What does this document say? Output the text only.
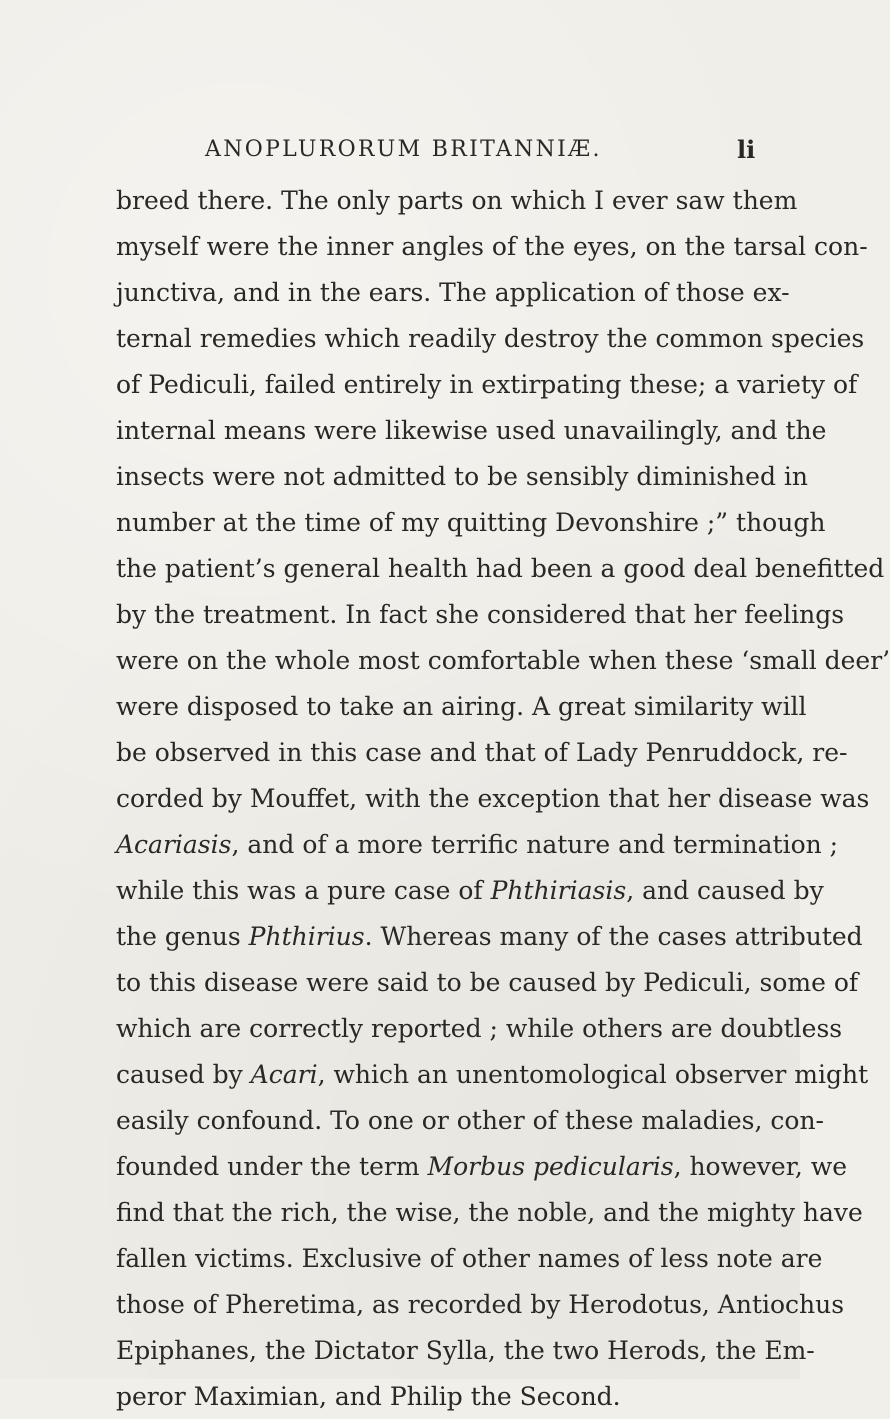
ANOPLURORUM BRITANNIÆ.	li
breed there. The only parts on which I ever saw them
myself were the inner angles of the eyes, on the tarsal con-
junctiva, and in the ears. The application of those ex-
ternal remedies which readily destroy the common species
of Pediculi, failed entirely in extirpating these; a variety of
internal means were likewise used unavailingly, and the
insects were not admitted to be sensibly diminished in
number at the time of my quitting Devonshire ;” though
the patient’s general health had been a good deal benefitted
by the treatment. In fact she considered that her feelings
were on the whole most comfortable when these ‘small deer’
were disposed to take an airing. A great similarity will
be observed in this case and that of Lady Penruddock, re-
corded by Mouffet, with the exception that her disease was
Acariasis, and of a more terrific nature and termination ;
while this was a pure case of Phthiriasis, and caused by
the genus Phthirius. Whereas many of the cases attributed
to this disease were said to be caused by Pediculi, some of
which are correctly reported ; while others are doubtless
caused by Acari, which an unentomological observer might
easily confound. To one or other of these maladies, con-
founded under the term Morbus pedicularis, however, we
find that the rich, the wise, the noble, and the mighty have
fallen victims. Exclusive of other names of less note are
those of Pheretima, as recorded by Herodotus, Antiochus
Epiphanes, the Dictator Sylla, the two Herods, the Em-
peror Maximian, and Philip the Second.
